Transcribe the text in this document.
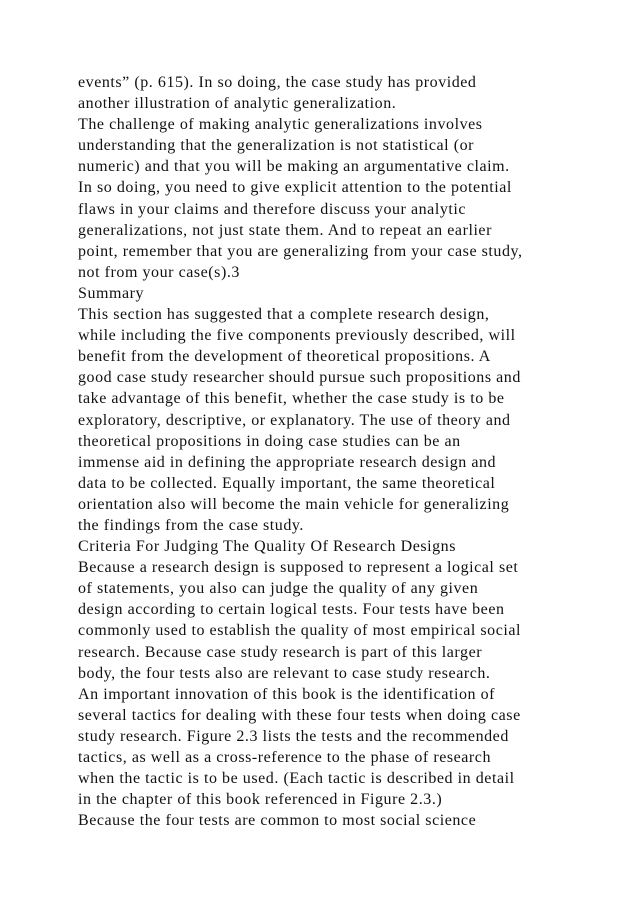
events” (p. 615). In so doing, the case study has provided
another illustration of analytic generalization.
The challenge of making analytic generalizations involves
understanding that the generalization is not statistical (or
numeric) and that you will be making an argumentative claim.
In so doing, you need to give explicit attention to the potential
flaws in your claims and therefore discuss your analytic
generalizations, not just state them. And to repeat an earlier
point, remember that you are generalizing from your case study,
not from your case(s).3
Summary
This section has suggested that a complete research design,
while including the five components previously described, will
benefit from the development of theoretical propositions. A
good case study researcher should pursue such propositions and
take advantage of this benefit, whether the case study is to be
exploratory, descriptive, or explanatory. The use of theory and
theoretical propositions in doing case studies can be an
immense aid in defining the appropriate research design and
data to be collected. Equally important, the same theoretical
orientation also will become the main vehicle for generalizing
the findings from the case study.
Criteria For Judging The Quality Of Research Designs
Because a research design is supposed to represent a logical set
of statements, you also can judge the quality of any given
design according to certain logical tests. Four tests have been
commonly used to establish the quality of most empirical social
research. Because case study research is part of this larger
body, the four tests also are relevant to case study research.
An important innovation of this book is the identification of
several tactics for dealing with these four tests when doing case
study research. Figure 2.3 lists the tests and the recommended
tactics, as well as a cross-reference to the phase of research
when the tactic is to be used. (Each tactic is described in detail
in the chapter of this book referenced in Figure 2.3.)
Because the four tests are common to most social science
